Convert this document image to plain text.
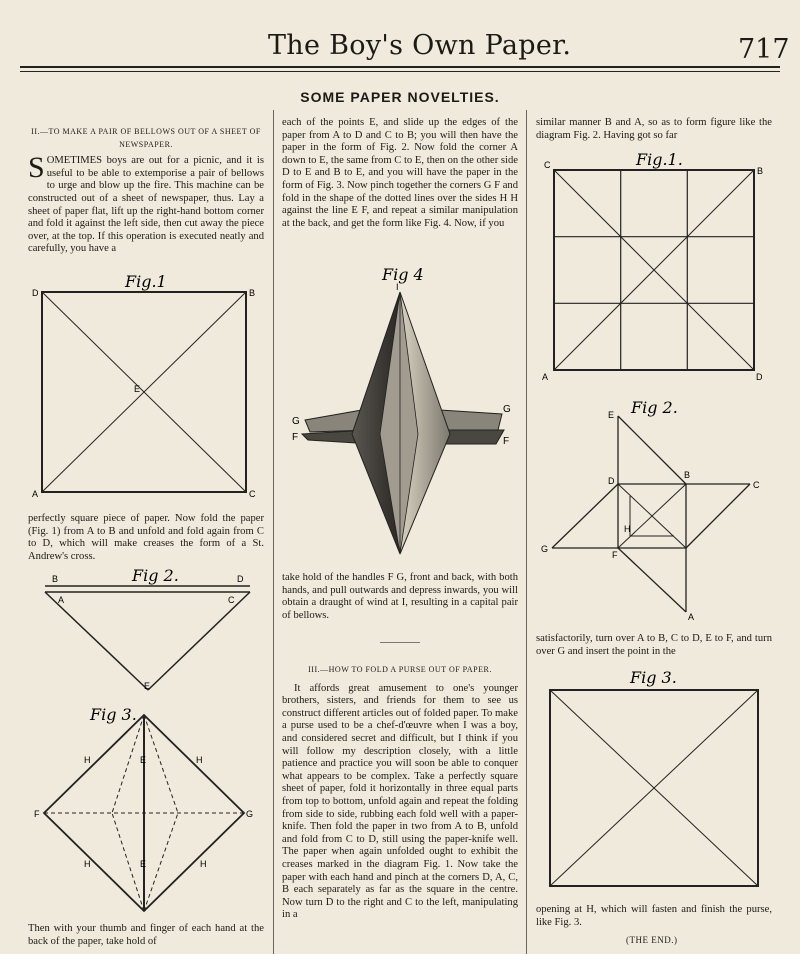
The Boy's Own Paper.	717
SOME PAPER NOVELTIES.

II.—TO MAKE A PAIR OF BELLOWS OUT OF A SHEET OF NEWSPAPER.

SOMETIMES boys are out for a picnic, and it is useful to be able to extemporise a pair of bellows to urge and blow up the fire. This machine can be constructed out of a sheet of newspaper, thus. Lay a sheet of paper flat, lift up the right-hand bottom corner and fold it against the left side, then cut away the piece over, at the top. If this operation is executed neatly and carefully, you have a

Fig.1
D	B
E
A	C

perfectly square piece of paper. Now fold the paper (Fig. 1) from A to B and unfold and fold again from C to D, which will make creases the form of a St. Andrew's cross.

Fig 2.
B	D
A	C
E
Fig 3.
H	E	H
F	G
H	E	H

Then with your thumb and finger of each hand at the back of the paper, take hold of

each of the points E, and slide up the edges of the paper from A to D and C to B; you will then have the paper in the form of Fig. 2. Now fold the corner A down to E, the same from C to E, then on the other side D to E and B to E, and you will have the paper in the form of Fig. 3. Now pinch together the corners G F and fold in the shape of the dotted lines over the sides H H against the line E F, and repeat a similar manipulation at the back, and get the form like Fig. 4. Now, if you

Fig 4
I
G
G
F	F

take hold of the handles F G, front and back, with both hands, and pull outwards and depress inwards, you will obtain a draught of wind at I, resulting in a capital pair of bellows.

III.—HOW TO FOLD A PURSE OUT OF PAPER.

It affords great amusement to one's younger brothers, sisters, and friends for them to see us construct different articles out of folded paper. To make a purse used to be a chef-d'œuvre when I was a boy, and considered secret and difficult, but I think if you will follow my description closely, with a little patience and practice you will soon be able to conquer what appears to be complex. Take a perfectly square sheet of paper, fold it horizontally in three equal parts from top to bottom, unfold again and repeat the folding from side to side, rubbing each fold well with a paper-knife. Then fold the paper in two from A to B, unfold and fold from C to D, still using the paper-knife well. The paper when again unfolded ought to exhibit the creases marked in the diagram Fig. 1. Now take the paper with each hand and pinch at the corners D, A, C, B each separately as far as the square in the centre. Now turn D to the right and C to the left, manipulating in a

similar manner B and A, so as to form figure like the diagram Fig. 2. Having got so far

Fig.1.
C
B
A	D
Fig 2.
E
D
B
C
H
G
F
A

satisfactorily, turn over A to B, C to D, E to F, and turn over G and insert the point in the

Fig 3.

opening at H, which will fasten and finish the purse, like Fig. 3.

(THE END.)
